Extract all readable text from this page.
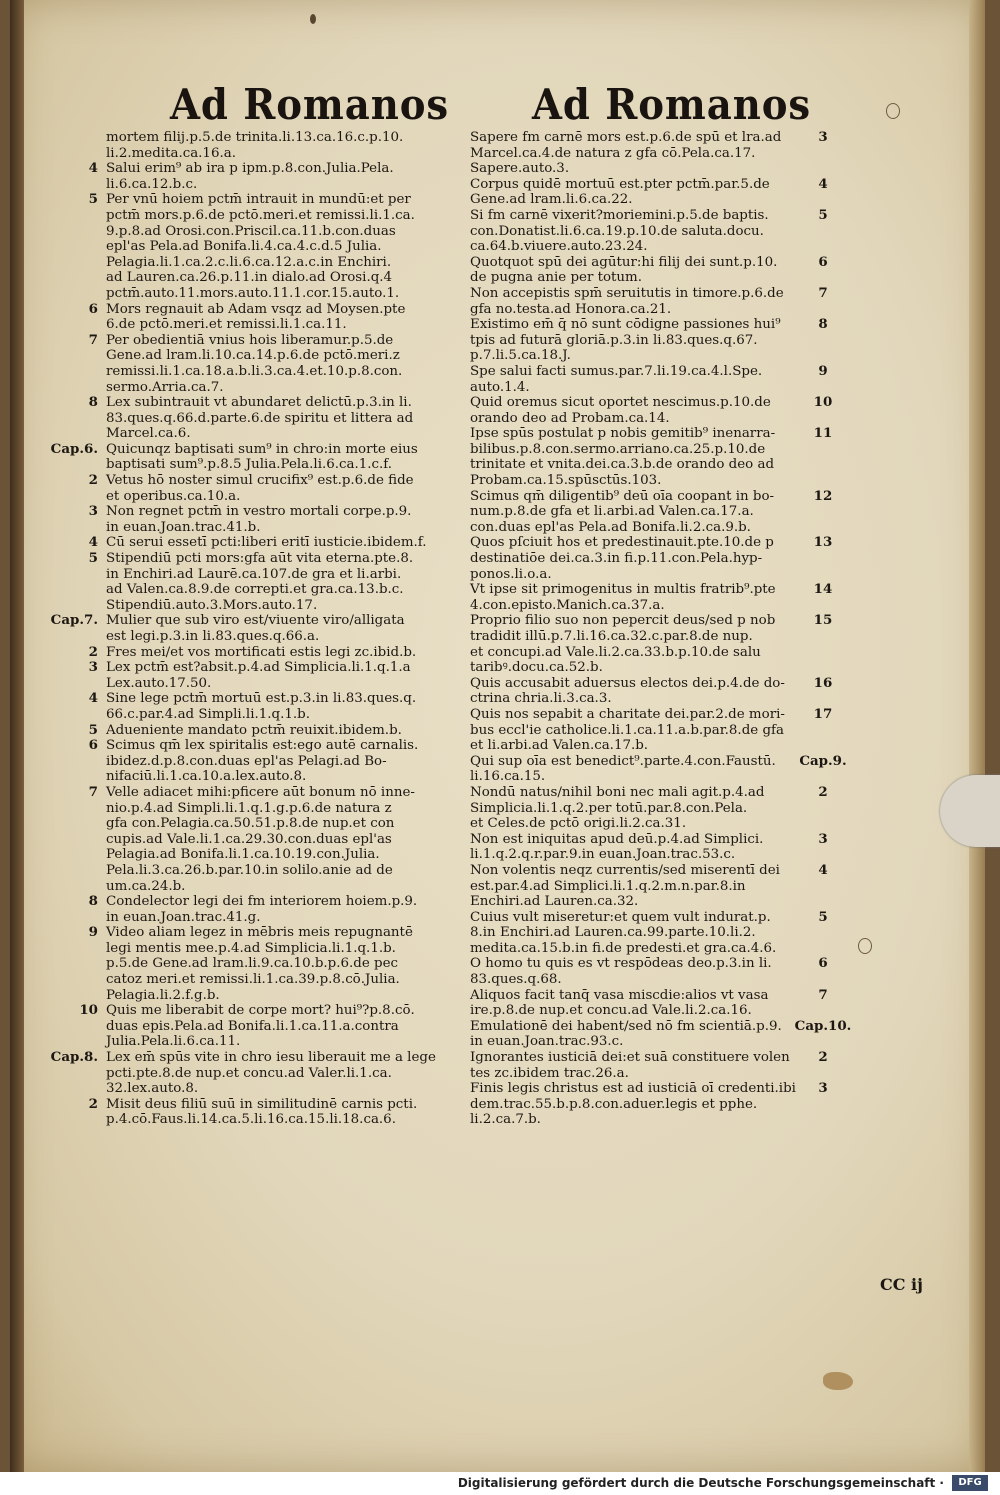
Ad Romanos Ad Romanos
mortem filij.p.5.de trinita.li.13.ca.16.c.p.10.
li.2.medita.ca.16.a.
4 Salui erim⁹ ab ira p ipm.p.8.con.Julia.Pela.
li.6.ca.12.b.c.
5 Per vnū hoiem pctm̄ intrauit in mundū:et per
pctm̄ mors.p.6.de pctō.meri.et remissi.li.1.ca.
9.p.8.ad Orosi.con.Priscil.ca.11.b.con.duas
epl'as Pela.ad Bonifa.li.4.ca.4.c.d.5 Julia.
Pelagia.li.1.ca.2.c.li.6.ca.12.a.c.in Enchiri.
ad Lauren.ca.26.p.11.in dialo.ad Orosi.q.4
pctm̄.auto.11.mors.auto.11.1.cor.15.auto.1.
6 Mors regnauit ab Adam vsqz ad Moysen.pte
6.de pctō.meri.et remissi.li.1.ca.11.
7 Per obedientiā vnius hois liberamur.p.5.de
Gene.ad lram.li.10.ca.14.p.6.de pctō.meri.z
remissi.li.1.ca.18.a.b.li.3.ca.4.et.10.p.8.con.
sermo.Arria.ca.7.
8 Lex subintrauit vt abundaret delictū.p.3.in li.
83.ques.q.66.d.parte.6.de spiritu et littera ad
Marcel.ca.6.
Cap.6. Quicunqz baptisati sum⁹ in chro:in morte eius
baptisati sum⁹.p.8.5 Julia.Pela.li.6.ca.1.c.f.
2 Vetus hō noster simul crucifix⁹ est.p.6.de fide
et operibus.ca.10.a.
3 Non regnet pctm̄ in vestro mortali corpe.p.9.
in euan.Joan.trac.41.b.
4 Cū serui essetī pcti:liberi eritī iusticie.ibidem.f.
5 Stipendiū pcti mors:gfa aūt vita eterna.pte.8.
in Enchiri.ad Laurē.ca.107.de gra et li.arbi.
ad Valen.ca.8.9.de correpti.et gra.ca.13.b.c.
Stipendiū.auto.3.Mors.auto.17.
Cap.7. Mulier que sub viro est/viuente viro/alligata
est legi.p.3.in li.83.ques.q.66.a.
2 Fres mei/et vos mortificati estis legi zc.ibid.b.
3 Lex pctm̄ est?absit.p.4.ad Simplicia.li.1.q.1.a
Lex.auto.17.50.
4 Sine lege pctm̄ mortuū est.p.3.in li.83.ques.q.
66.c.par.4.ad Simpli.li.1.q.1.b.
5 Adueniente mandato pctm̄ reuixit.ibidem.b.
6 Scimus qm̄ lex spiritalis est:ego autē carnalis.
ibidez.d.p.8.con.duas epl'as Pelagi.ad Bo-
nifaciū.li.1.ca.10.a.lex.auto.8.
7 Velle adiacet mihi:pficere aūt bonum nō inne-
nio.p.4.ad Simpli.li.1.q.1.g.p.6.de natura z
gfa con.Pelagia.ca.50.51.p.8.de nup.et con
cupis.ad Vale.li.1.ca.29.30.con.duas epl'as
Pelagia.ad Bonifa.li.1.ca.10.19.con.Julia.
Pela.li.3.ca.26.b.par.10.in solilo.anie ad de
um.ca.24.b.
8 Condelector legi dei fm interiorem hoiem.p.9.
in euan.Joan.trac.41.g.
9 Video aliam legez in mēbris meis repugnantē
legi mentis mee.p.4.ad Simplicia.li.1.q.1.b.
p.5.de Gene.ad lram.li.9.ca.10.b.p.6.de pec
catoz meri.et remissi.li.1.ca.39.p.8.cō.Julia.
Pelagia.li.2.f.g.b.
10 Quis me liberabit de corpe mort? hui⁹?p.8.cō.
duas epis.Pela.ad Bonifa.li.1.ca.11.a.contra
Julia.Pela.li.6.ca.11.
Cap.8. Lex em̄ spūs vite in chro iesu liberauit me a lege
pcti.pte.8.de nup.et concu.ad Valer.li.1.ca.
32.lex.auto.8.
2 Misit deus filiū suū in similitudinē carnis pcti.
p.4.cō.Faus.li.14.ca.5.li.16.ca.15.li.18.ca.6.
Sapere fm carnē mors est.p.6.de spū et lra.ad	3
Marcel.ca.4.de natura z gfa cō.Pela.ca.17.
Sapere.auto.3.
Corpus quidē mortuū est.pter pctm̄.par.5.de	4
Gene.ad lram.li.6.ca.22.
Si fm carnē vixerit?moriemini.p.5.de baptis.	5
con.Donatist.li.6.ca.19.p.10.de saluta.docu.
ca.64.b.viuere.auto.23.24.
Quotquot spū dei agūtur:hi filij dei sunt.p.10.	6
de pugna anie per totum.
Non accepistis spm̄ seruitutis in timore.p.6.de	7
gfa no.testa.ad Honora.ca.21.
Existimo em̄ q̄ nō sunt cōdigne passiones hui⁹	8
tpis ad futurā gloriā.p.3.in li.83.ques.q.67.
p.7.li.5.ca.18.J.
Spe salui facti sumus.par.7.li.19.ca.4.l.Spe.	9
auto.1.4.
Quid oremus sicut oportet nescimus.p.10.de	10
orando deo ad Probam.ca.14.
Ipse spūs postulat p nobis gemitib⁹ inenarra-	11
bilibus.p.8.con.sermo.arriano.ca.25.p.10.de
trinitate et vnita.dei.ca.3.b.de orando deo ad
Probam.ca.15.spūsctūs.103.
Scimus qm̄ diligentib⁹ deū oīa coopant in bo-	12
num.p.8.de gfa et li.arbi.ad Valen.ca.17.a.
con.duas epl'as Pela.ad Bonifa.li.2.ca.9.b.
Quos pſciuit hos et predestinauit.pte.10.de p	13
destinatiōe dei.ca.3.in fi.p.11.con.Pela.hyp-
ponos.li.o.a.
Vt ipse sit primogenitus in multis fratrib⁹.pte	14
4.con.episto.Manich.ca.37.a.
Proprio filio suo non pepercit deus/sed p nob	15
tradidit illū.p.7.li.16.ca.32.c.par.8.de nup.
et concupi.ad Vale.li.2.ca.33.b.p.10.de salu
taribꝰ.docu.ca.52.b.
Quis accusabit aduersus electos dei.p.4.de do-	16
ctrina chria.li.3.ca.3.
Quis nos sepabit a charitate dei.par.2.de mori-	17
bus eccl'ie catholice.li.1.ca.11.a.b.par.8.de gfa
et li.arbi.ad Valen.ca.17.b.
Qui sup oīa est benedict⁹.parte.4.con.Faustū.	Cap.9.
li.16.ca.15.
Nondū natus/nihil boni nec mali agit.p.4.ad	2
Simplicia.li.1.q.2.per totū.par.8.con.Pela.
et Celes.de pctō origi.li.2.ca.31.
Non est iniquitas apud deū.p.4.ad Simplici.	3
li.1.q.2.q.r.par.9.in euan.Joan.trac.53.c.
Non volentis neqz currentis/sed miserentī dei	4
est.par.4.ad Simplici.li.1.q.2.m.n.par.8.in
Enchiri.ad Lauren.ca.32.
Cuius vult miseretur:et quem vult indurat.p.	5
8.in Enchiri.ad Lauren.ca.99.parte.10.li.2.
medita.ca.15.b.in fi.de predesti.et gra.ca.4.6.
O homo tu quis es vt respōdeas deo.p.3.in li.	6
83.ques.q.68.
Aliquos facit tanq̄ vasa miscdie:alios vt vasa	7
ire.p.8.de nup.et concu.ad Vale.li.2.ca.16.
Emulationē dei habent/sed nō fm scientiā.p.9. Cap.10.
in euan.Joan.trac.93.c.
Ignorantes iusticiā dei:et suā constituere volen	2
tes zc.ibidem trac.26.a.
Finis legis christus est ad iusticiā oī credenti.ibi	3
dem.trac.55.b.p.8.con.aduer.legis et pphe.
li.2.ca.7.b.
CC ij
Digitalisierung gefördert durch die Deutsche Forschungsgemeinschaft ·	DFG
